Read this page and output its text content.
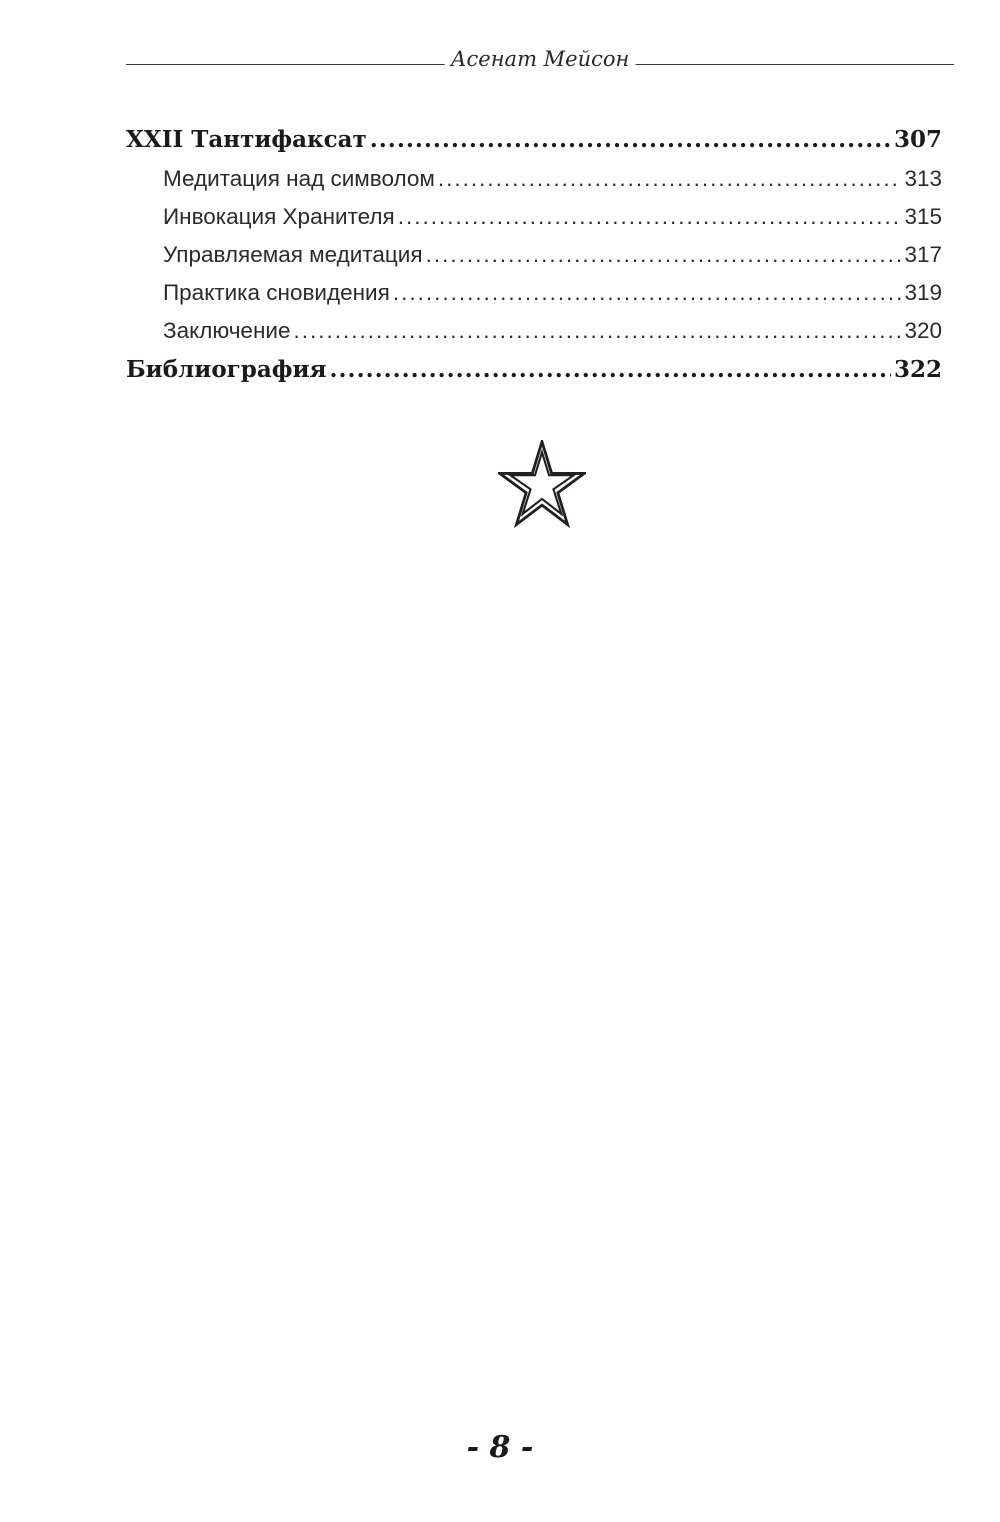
Асенат Мейсон
XXII Тантифаксат .....	307
Медитация над символом .....	313
Инвокация Хранителя .....	315
Управляемая медитация .....	317
Практика сновидения .....	319
Заключение .....	320
Библиография .....	322
- 8 -
